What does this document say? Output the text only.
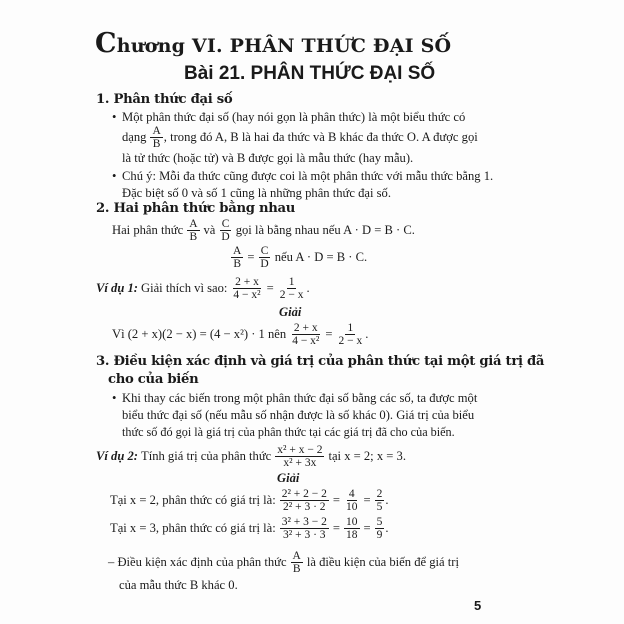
Chương VI. PHÂN THỨC ĐẠI SỐ
Bài 21. PHÂN THỨC ĐẠI SỐ
1. Phân thức đại số
• Một phân thức đại số (hay nói gọn là phân thức) là một biểu thức có
dạng $\frac{A}{B}$ , trong đó A, B là hai đa thức và B khác đa thức O. A được gọi
là tử thức (hoặc tử) và B được gọi là mẫu thức (hay mẫu).
• Chú ý: Mỗi đa thức cũng được coi là một phân thức với mẫu thức bằng 1.
Đặc biệt số 0 và số 1 cũng là những phân thức đại số.
2. Hai phân thức bằng nhau
Hai phân thức $\frac{A}{B}$ và $\frac{C}{D}$ gọi là bằng nhau nếu A · D = B · C.
$\frac{A}{B} = \frac{C}{D}$ nếu A · D = B · C.
Ví dụ 1: Giải thích vì sao: $\frac{2 + x}{\text{4 − x²}} = \frac{1}{2 - x}$ .
Giải
Vì (2 + x)(2 − x) = (4 − x²) · 1 nên $\frac{2 + x}{\text{4 − x²}} = \frac{1}{2 - x}$ .
3. Điều kiện xác định và giá trị của phân thức tại một giá trị đã
cho của biến
• Khi thay các biến trong một phân thức đại số bằng các số, ta được một
biểu thức đại số (nếu mẫu số nhận được là số khác 0). Giá trị của biểu
thức số đó gọi là giá trị của phân thức tại các giá trị đã cho của biến.
Ví dụ 2: Tính giá trị của phân thức $\frac{\text{x² + x − 2}}{\text{x² + 3x}}$ tại x = 2; x = 3.
Giải
Tại x = 2, phân thức có giá trị là: $\frac{\text{2² + 2 − 2}}{\text{2² + 3 · 2}} = \frac{4}{10} = \frac{2}{5}$ .
Tại x = 3, phân thức có giá trị là: $\frac{\text{3² + 3 − 2}}{\text{3² + 3 · 3}} = \frac{10}{18} = \frac{5}{9}$ .
– Điều kiện xác định của phân thức $\frac{A}{B}$ là điều kiện của biến để giá trị
của mẫu thức B khác 0.
5
